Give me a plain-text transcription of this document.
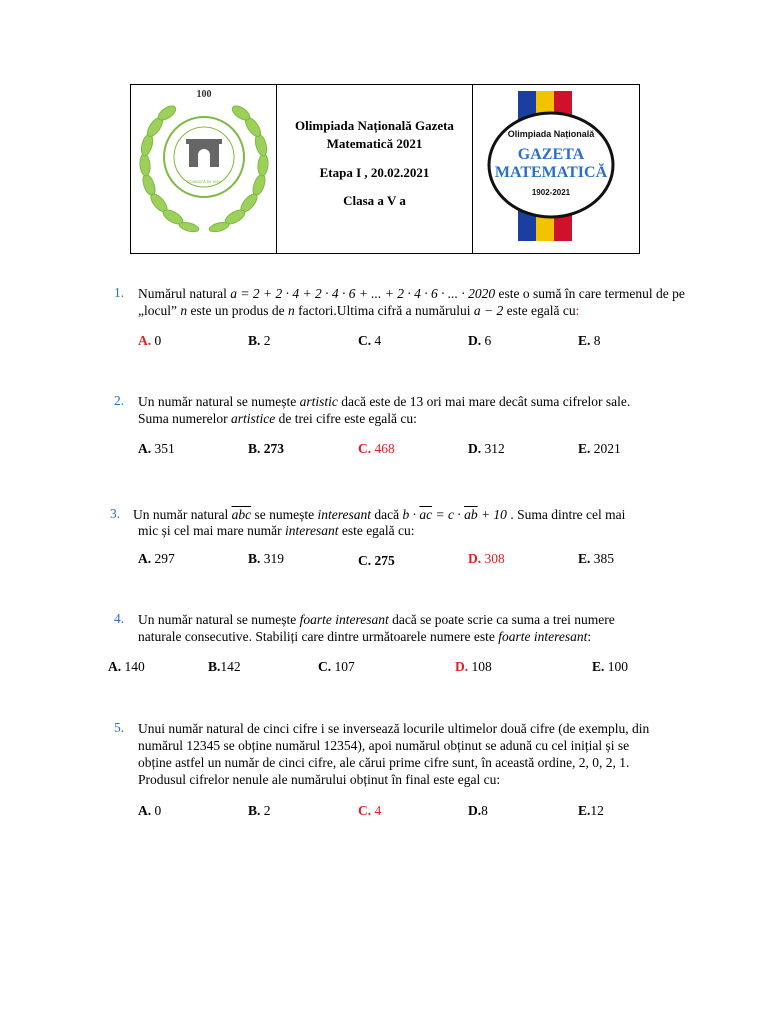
100
FONDATĂ ÎN 1910
Olimpiada Națională Gazeta
Matematică 2021
Etapa I , 20.02.2021
Clasa a V a
Olimpiada Națională
GAZETA
MATEMATICĂ
1902-2021
1. Numărul natural a = 2 + 2 · 4 + 2 · 4 · 6 + ... + 2 · 4 · 6 · ... · 2020 este o sumă în care termenul de pe
„locul” n este un produs de n factori.Ultima cifră a numărului a − 2 este egală cu:
A. 0	B. 2	C. 4	D. 6	E. 8
2. Un număr natural se numește artistic dacă este de 13 ori mai mare decât suma cifrelor sale.
Suma numerelor artistice de trei cifre este egală cu:
A. 351	B. 273	C. 468	D. 312	E. 2021
3. Un număr natural $\overline{abc}$ se numește interesant dacă $b \cdot \overline{ac} = c \cdot \overline{ab} + 10$ . Suma dintre cel mai
mic și cel mai mare număr interesant este egală cu:
A. 297	B. 319	C. 275	D. 308	E. 385
4. Un număr natural se numește foarte interesant dacă se poate scrie ca suma a trei numere
naturale consecutive. Stabiliți care dintre următoarele numere este foarte interesant:
A. 140	B.142	C. 107	D. 108	E. 100
5. Unui număr natural de cinci cifre i se inversează locurile ultimelor două cifre (de exemplu, din
numărul 12345 se obține numărul 12354), apoi numărul obținut se adună cu cel inițial și se
obține astfel un număr de cinci cifre, ale cărui prime cifre sunt, în această ordine, 2, 0, 2, 1.
Produsul cifrelor nenule ale numărului obținut în final este egal cu:
A. 0	B. 2	C. 4	D.8	E.12
